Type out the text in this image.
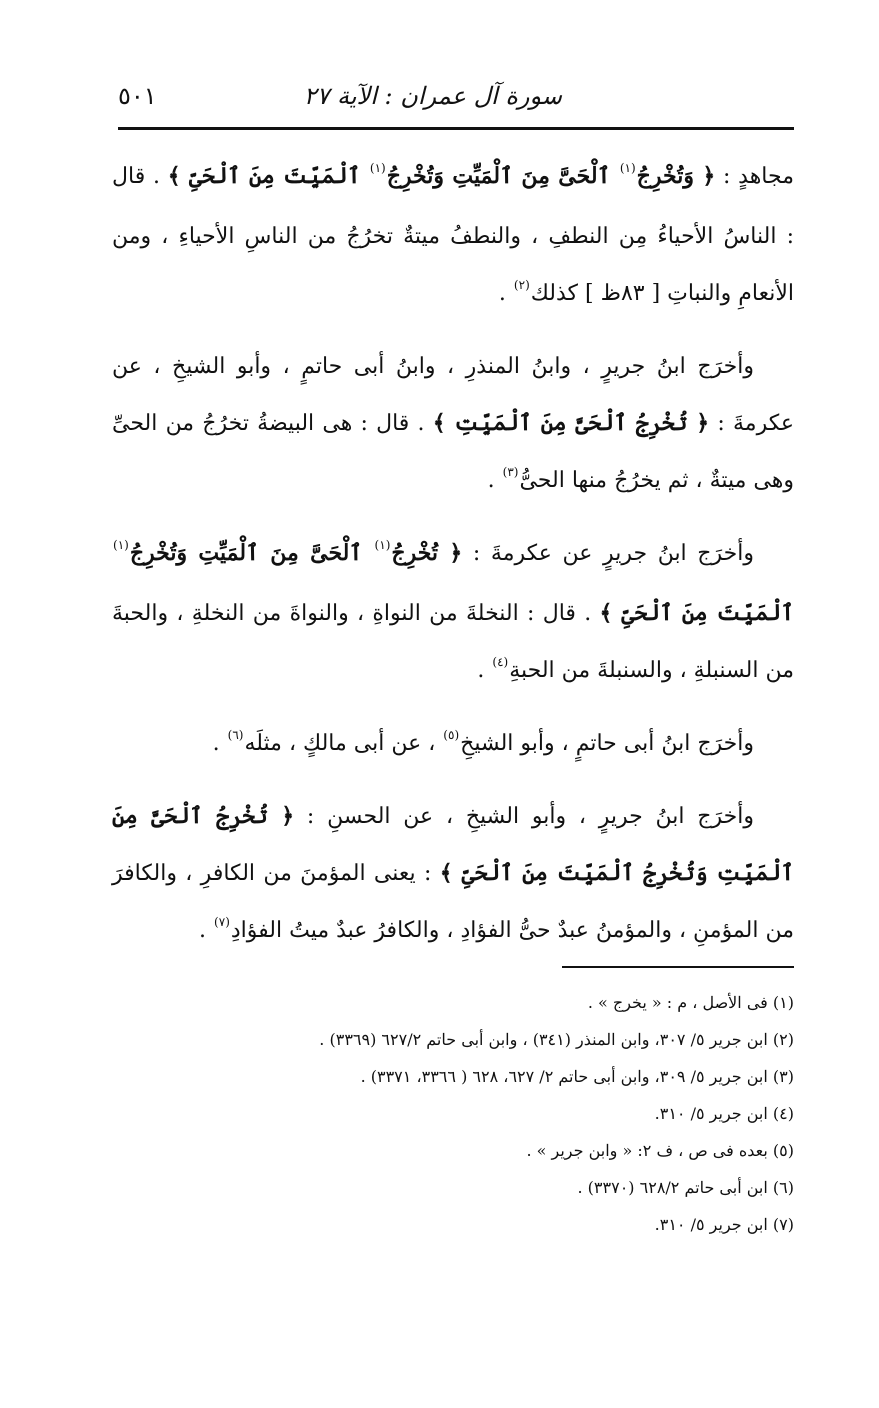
سورة آل عمران : الآية ٢٧
٥٠١

مجاهدٍ : ﴿ وَتُخْرِجُ$^{(١)}$ ٱلْحَىَّ مِنَ ٱلْمَيِّتِ وَتُخْرِجُ$^{(١)}$ ٱلْمَيِّتَ مِنَ ٱلْحَىِّ ﴾ . قال : الناسُ الأحياءُ مِن النطفِ ، والنطفُ ميتةٌ تخرُجُ من الناسِ الأحياءِ ، ومن الأنعامِ والنباتِ [ ٨٣ظ ] كذلك$^{(٢)}$ .

وأخرَج ابنُ جريرٍ ، وابنُ المنذرِ ، وابنُ أبى حاتمٍ ، وأبو الشيخِ ، عن عكرمةَ : ﴿ تُخْرِجُ ٱلْحَىَّ مِنَ ٱلْمَيِّتِ ﴾ . قال : هى البيضةُ تخرُجُ من الحىِّ وهى ميتةٌ ، ثم يخرُجُ منها الحىُّ$^{(٣)}$ .

وأخرَج ابنُ جريرٍ عن عكرمةَ : ﴿ تُخْرِجُ$^{(١)}$ ٱلْحَىَّ مِنَ ٱلْمَيِّتِ وَتُخْرِجُ$^{(١)}$ ٱلْمَيِّتَ مِنَ ٱلْحَىِّ ﴾ . قال : النخلةَ من النواةِ ، والنواةَ من النخلةِ ، والحبةَ من السنبلةِ ، والسنبلةَ من الحبةِ$^{(٤)}$ .

وأخرَج ابنُ أبى حاتمٍ ، وأبو الشيخِ$^{(٥)}$ ، عن أبى مالكٍ ، مثلَه$^{(٦)}$ .

وأخرَج ابنُ جريرٍ ، وأبو الشيخِ ، عن الحسنِ : ﴿ تُخْرِجُ ٱلْحَىَّ مِنَ ٱلْمَيِّتِ وَتُخْرِجُ ٱلْمَيِّتَ مِنَ ٱلْحَىِّ ﴾ : يعنى المؤمنَ من الكافرِ ، والكافرَ من المؤمنِ ، والمؤمنُ عبدٌ حىُّ الفؤادِ ، والكافرُ عبدٌ ميتُ الفؤادِ$^{(٧)}$ .

(١) فى الأصل ، م : « يخرج » .

(٢) ابن جرير ٥/ ٣٠٧، وابن المنذر (٣٤١) ، وابن أبى حاتم ٦٢٧/٢ (٣٣٦٩) .

(٣) ابن جرير ٥/ ٣٠٩، وابن أبى حاتم ٢/ ٦٢٧، ٦٢٨ ( ٣٣٦٦، ٣٣٧١) .

(٤) ابن جرير ٥/ ٣١٠.

(٥) بعده فى ص ، ف ٢: « وابن جرير » .

(٦) ابن أبى حاتم ٦٢٨/٢ (٣٣٧٠) .

(٧) ابن جرير ٥/ ٣١٠.
